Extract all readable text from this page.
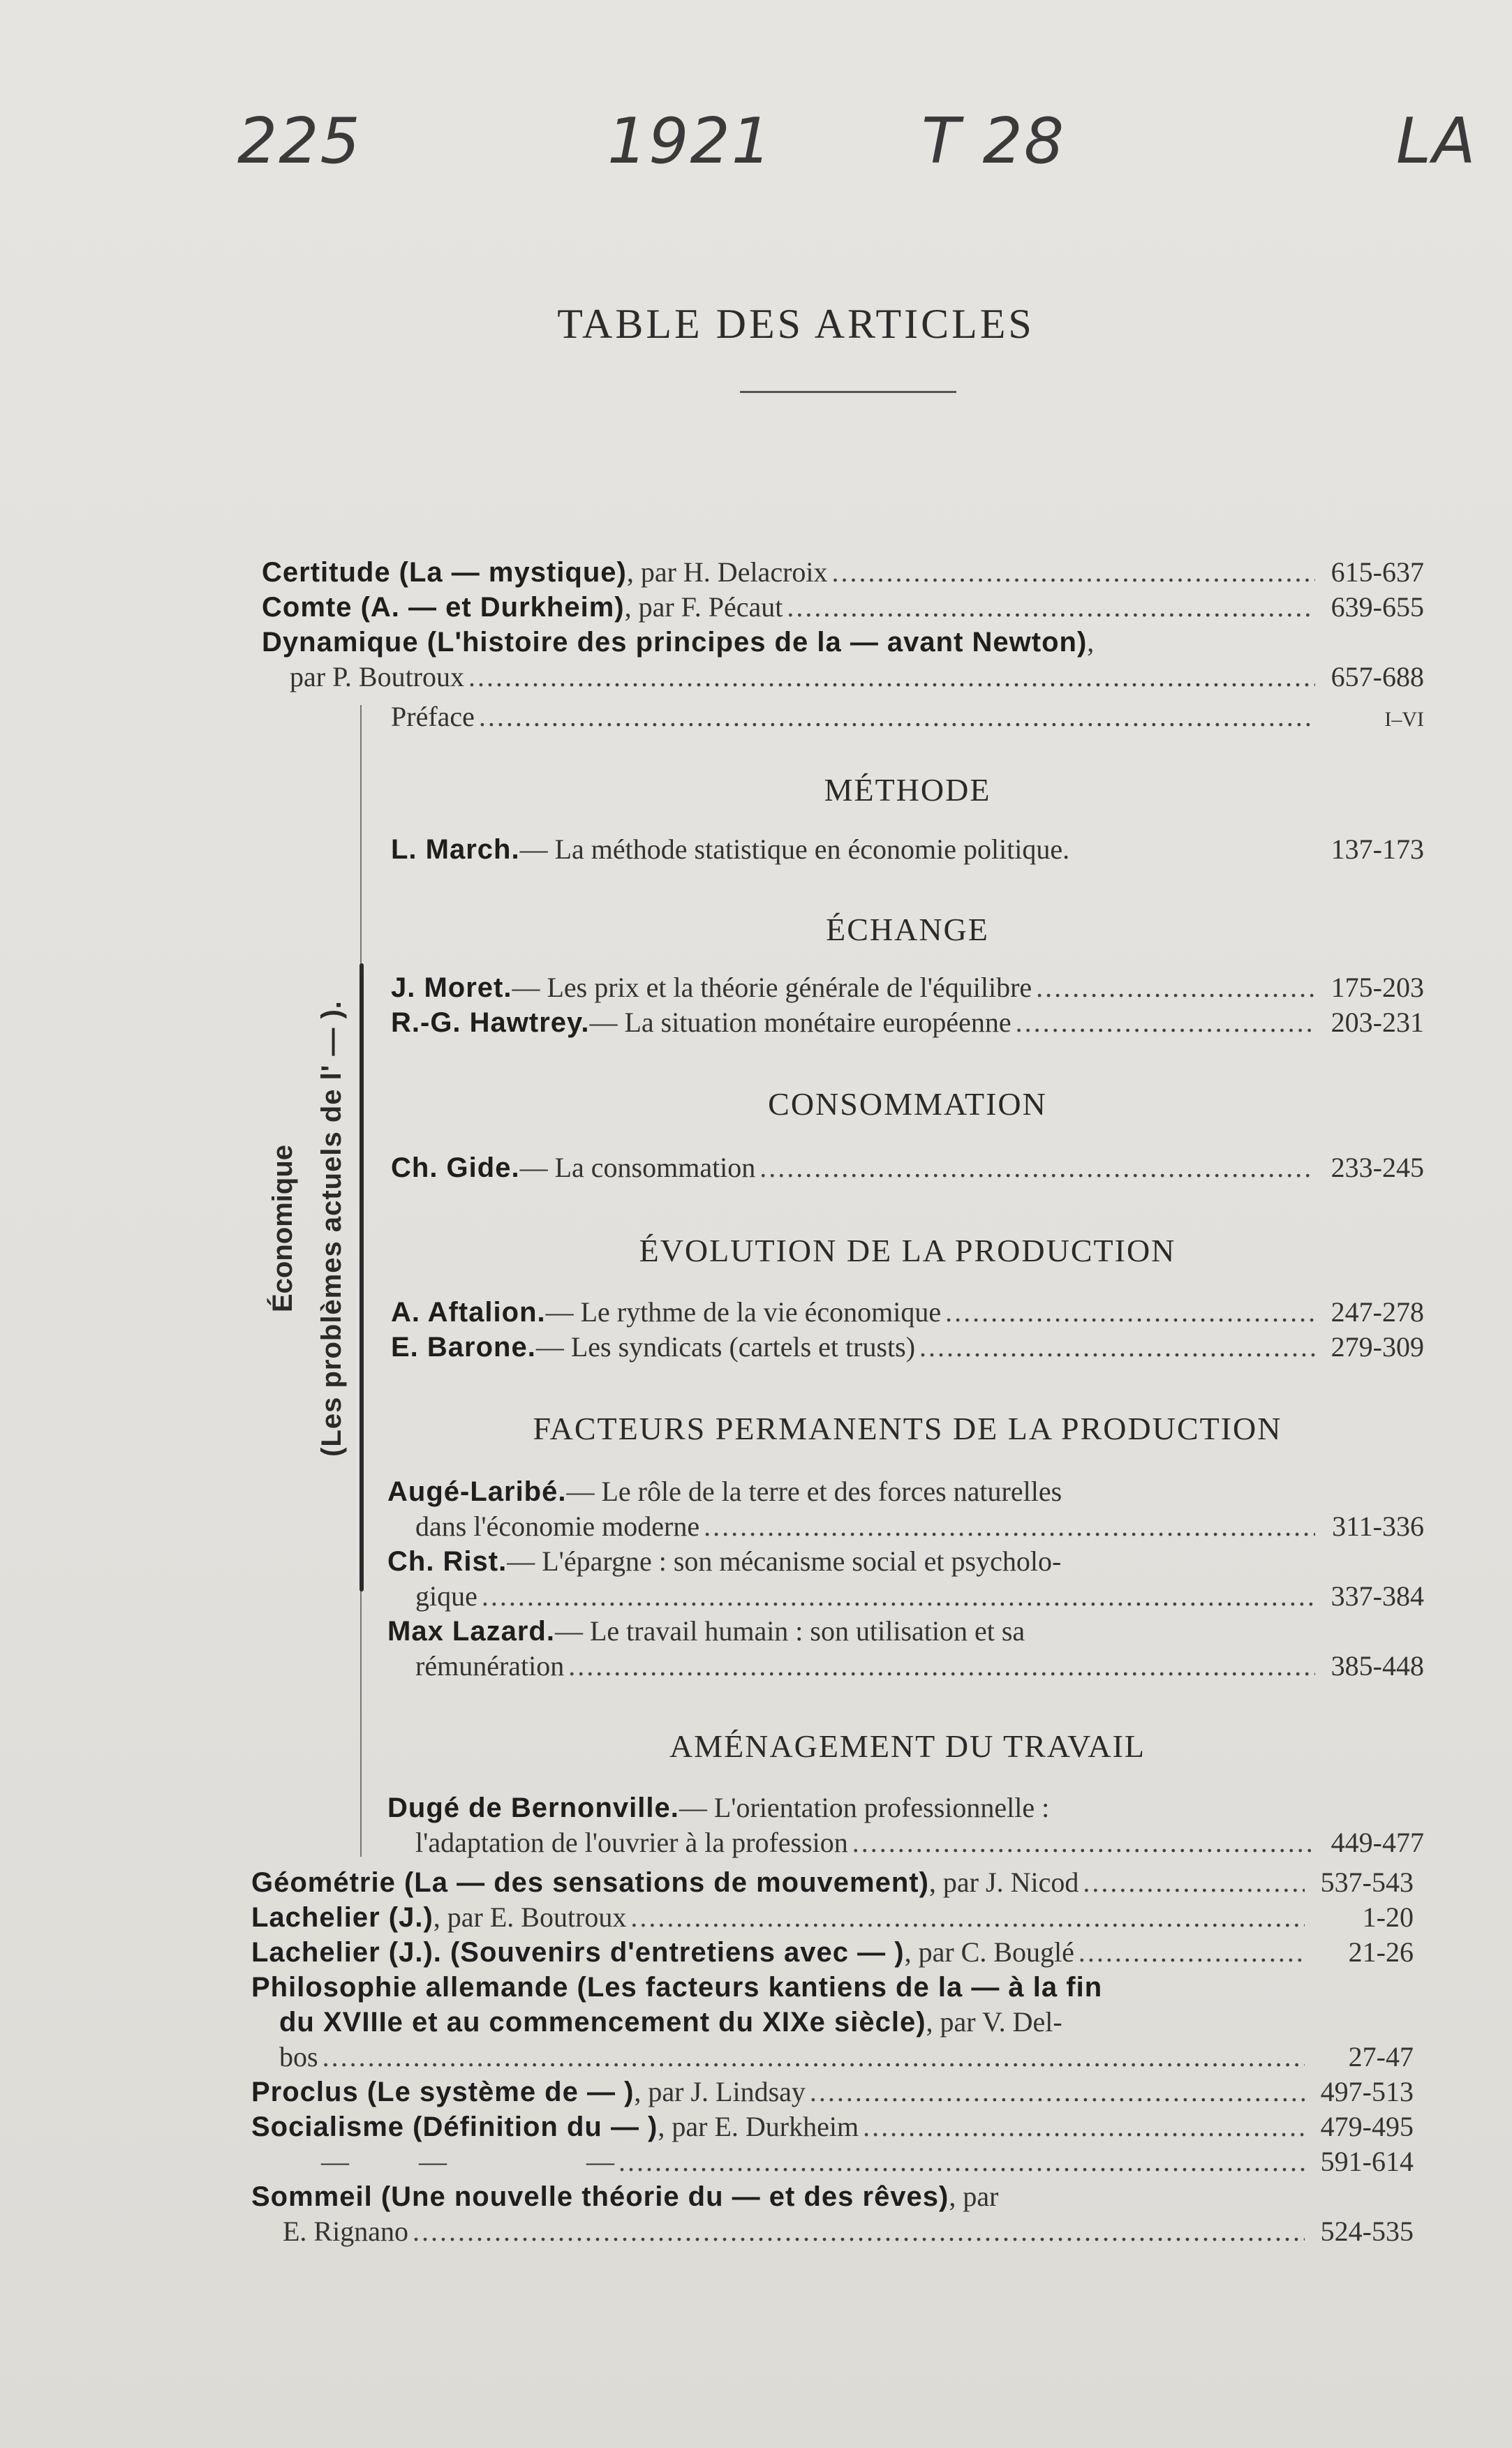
225	1921 T 28	LA
TABLE DES ARTICLES
Certitude (La — mystique) , par H. Delacroix .....	615-637
Comte (A. — et Durkheim) , par F. Pécaut .....	639-655
Dynamique (L'histoire des principes de la — avant Newton) ,
par P. Boutroux .....	657-688
Économique (Les problèmes actuels de l' — ).
Préface .....	I–VI
MÉTHODE
L. March. — La méthode statistique en économie politique.	137-173
ÉCHANGE
J. Moret. — Les prix et la théorie générale de l'équilibre .....	175-203
R.-G. Hawtrey. — La situation monétaire européenne .....	203-231
CONSOMMATION
Ch. Gide. — La consommation .....	233-245
ÉVOLUTION DE LA PRODUCTION
A. Aftalion. — Le rythme de la vie économique .....	247-278
E. Barone. — Les syndicats (cartels et trusts) .....	279-309
FACTEURS PERMANENTS DE LA PRODUCTION
Augé-Laribé. — Le rôle de la terre et des forces naturelles
dans l'économie moderne .....	311-336
Ch. Rist. — L'épargne : son mécanisme social et psycholo-
gique .....	337-384
Max Lazard. — Le travail humain : son utilisation et sa
rémunération .....	385-448
AMÉNAGEMENT DU TRAVAIL
Dugé de Bernonville. — L'orientation professionnelle :
l'adaptation de l'ouvrier à la profession .....	449-477
Géométrie (La — des sensations de mouvement) , par J. Nicod .....	537-543
Lachelier (J.) , par E. Boutroux .....	1-20
Lachelier (J.). (Souvenirs d'entretiens avec — ) , par C. Bouglé .....	21-26
Philosophie allemande (Les facteurs kantiens de la — à la fin
du XVIIIe et au commencement du XIXe siècle) , par V. Del-
bos .....	27-47
Proclus (Le système de — ) , par J. Lindsay .....	497-513
Socialisme (Définition du — ) , par E. Durkheim .....	479-495
—          —                    — .....	591-614
Sommeil (Une nouvelle théorie du — et des rêves) , par
E. Rignano .....	524-535
